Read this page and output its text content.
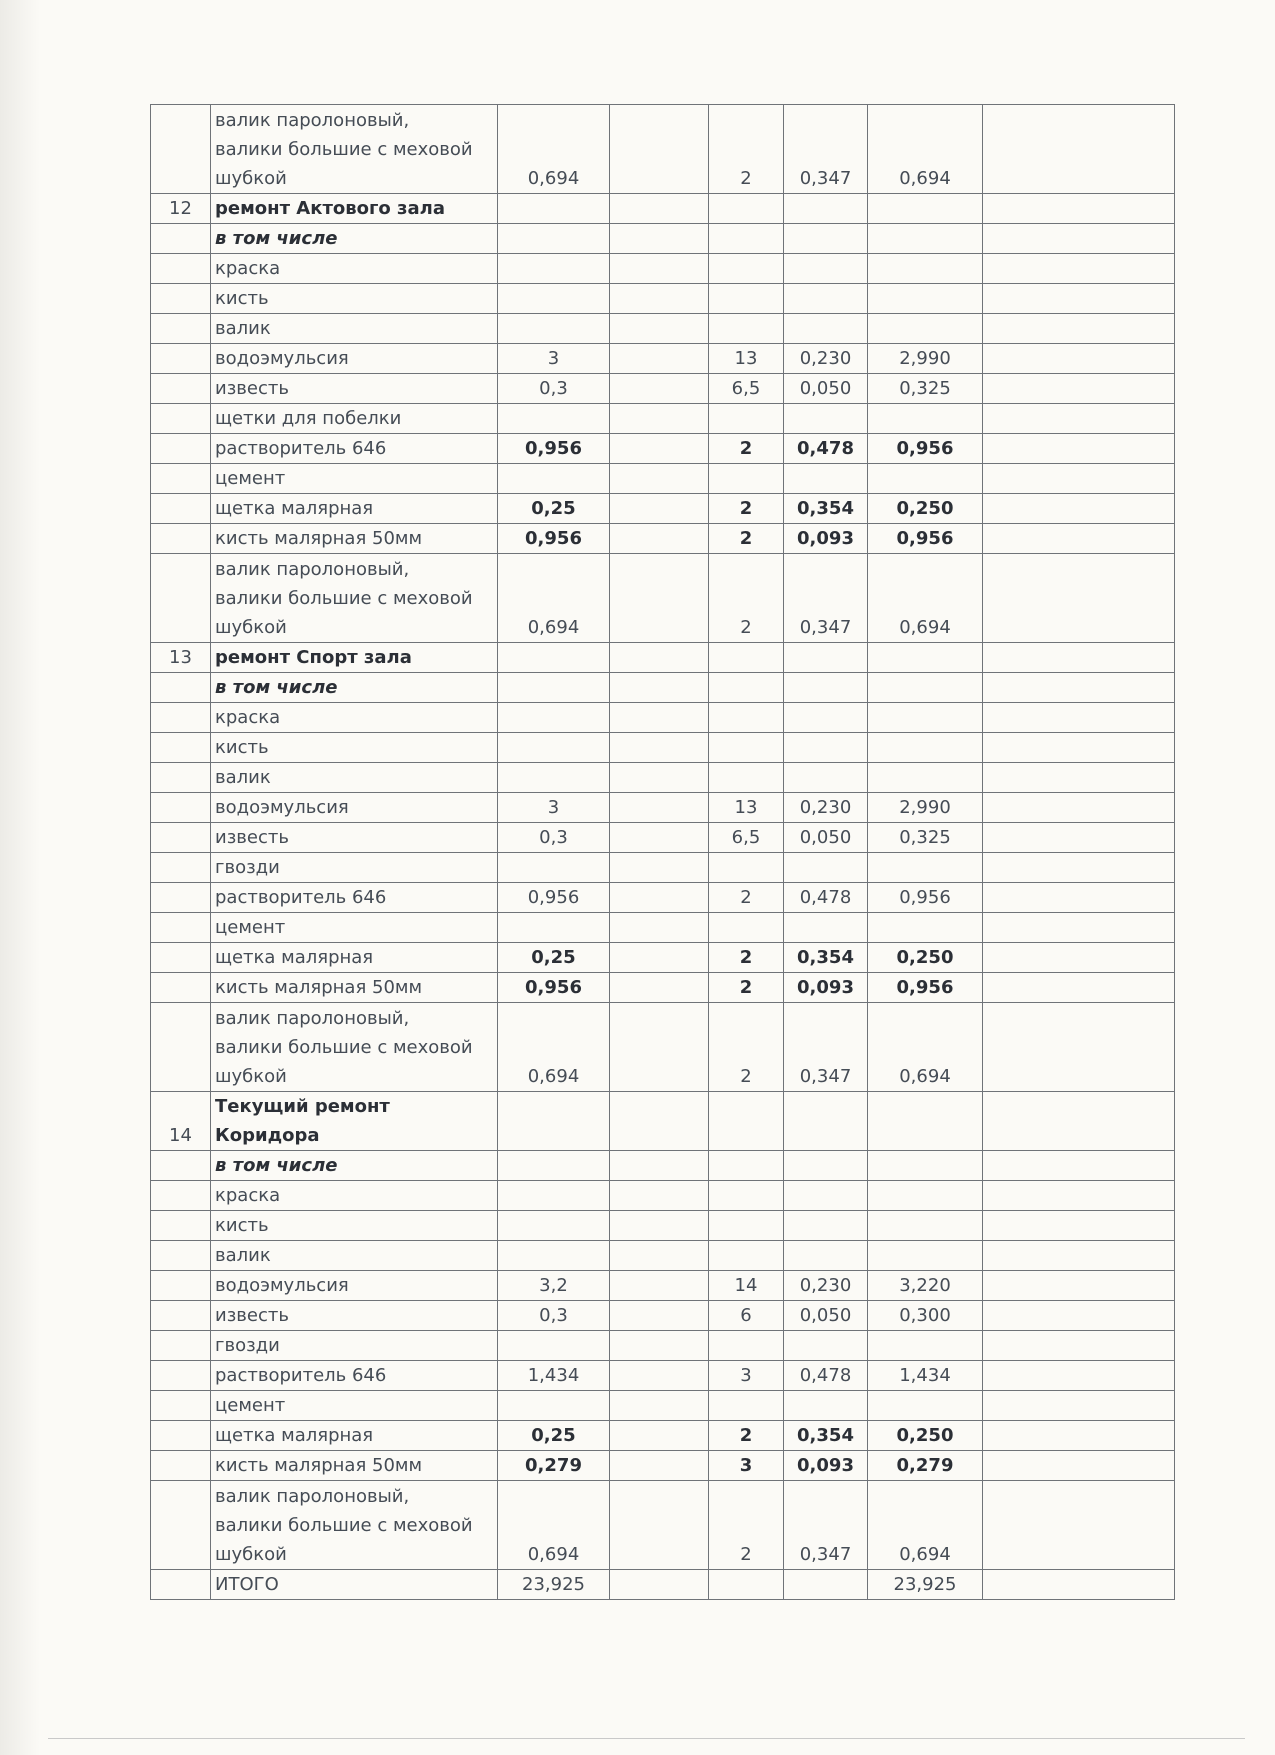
	валик паролоновый,
валики большие с меховой
шубкой	0,694		2	0,347	0,694	
12	ремонт Актового зала						
	в том числе						
	краска						
	кисть						
	валик						
	водоэмульсия	3		13	0,230	2,990	
	известь	0,3		6,5	0,050	0,325	
	щетки для побелки						
	растворитель 646	0,956		2	0,478	0,956	
	цемент						
	щетка малярная	0,25		2	0,354	0,250	
	кисть малярная 50мм	0,956		2	0,093	0,956	
	валик паролоновый,
валики большие с меховой
шубкой	0,694		2	0,347	0,694	
13	ремонт Спорт зала						
	в том числе						
	краска						
	кисть						
	валик						
	водоэмульсия	3		13	0,230	2,990	
	известь	0,3		6,5	0,050	0,325	
	гвозди						
	растворитель 646	0,956		2	0,478	0,956	
	цемент						
	щетка малярная	0,25		2	0,354	0,250	
	кисть малярная 50мм	0,956		2	0,093	0,956	
	валик паролоновый,
валики большие с меховой
шубкой	0,694		2	0,347	0,694	
14	Текущий ремонт Коридора						
	в том числе						
	краска						
	кисть						
	валик						
	водоэмульсия	3,2		14	0,230	3,220	
	известь	0,3		6	0,050	0,300	
	гвозди						
	растворитель 646	1,434		3	0,478	1,434	
	цемент						
	щетка малярная	0,25		2	0,354	0,250	
	кисть малярная 50мм	0,279		3	0,093	0,279	
	валик паролоновый,
валики большие с меховой
шубкой	0,694		2	0,347	0,694	
	ИТОГО	23,925				23,925	
